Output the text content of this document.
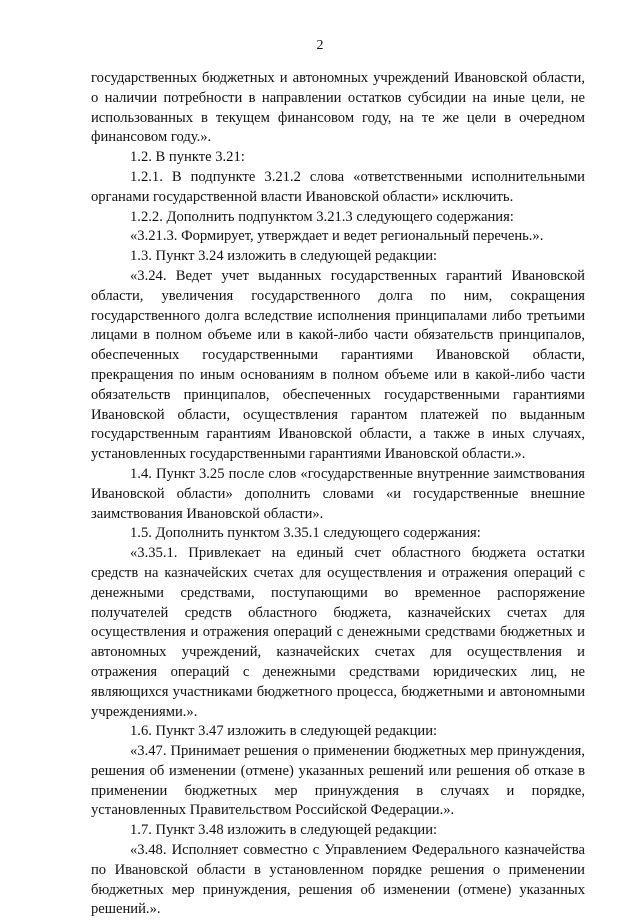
2

государственных бюджетных и автономных учреждений Ивановской области, о наличии потребности в направлении остатков субсидии на иные цели, не использованных в текущем финансовом году, на те же цели в очередном финансовом году.».

1.2. В пункте 3.21:

1.2.1. В подпункте 3.21.2 слова «ответственными исполнительными органами государственной власти Ивановской области» исключить.

1.2.2. Дополнить подпунктом 3.21.3 следующего содержания:

«3.21.3. Формирует, утверждает и ведет региональный перечень.».

1.3. Пункт 3.24 изложить в следующей редакции:

«3.24. Ведет учет выданных государственных гарантий Ивановской области, увеличения государственного долга по ним, сокращения государственного долга вследствие исполнения принципалами либо третьими лицами в полном объеме или в какой-либо части обязательств принципалов, обеспеченных государственными гарантиями Ивановской области, прекращения по иным основаниям в полном объеме или в какой-либо части обязательств принципалов, обеспеченных государственными гарантиями Ивановской области, осуществления гарантом платежей по выданным государственным гарантиям Ивановской области, а также в иных случаях, установленных государственными гарантиями Ивановской области.».

1.4. Пункт 3.25 после слов «государственные внутренние заимствования Ивановской области» дополнить словами «и государственные внешние заимствования Ивановской области».

1.5. Дополнить пунктом 3.35.1 следующего содержания:

«3.35.1. Привлекает на единый счет областного бюджета остатки средств на казначейских счетах для осуществления и отражения операций с денежными средствами, поступающими во временное распоряжение получателей средств областного бюджета, казначейских счетах для осуществления и отражения операций с денежными средствами бюджетных и автономных учреждений, казначейских счетах для осуществления и отражения операций с денежными средствами юридических лиц, не являющихся участниками бюджетного процесса, бюджетными и автономными учреждениями.».

1.6. Пункт 3.47 изложить в следующей редакции:

«3.47. Принимает решения о применении бюджетных мер принуждения, решения об изменении (отмене) указанных решений или решения об отказе в применении бюджетных мер принуждения в случаях и порядке, установленных Правительством Российской Федерации.».

1.7. Пункт 3.48 изложить в следующей редакции:

«3.48. Исполняет совместно с Управлением Федерального казначейства по Ивановской области в установленном порядке решения о применении бюджетных мер принуждения, решения об изменении (отмене) указанных решений.».
